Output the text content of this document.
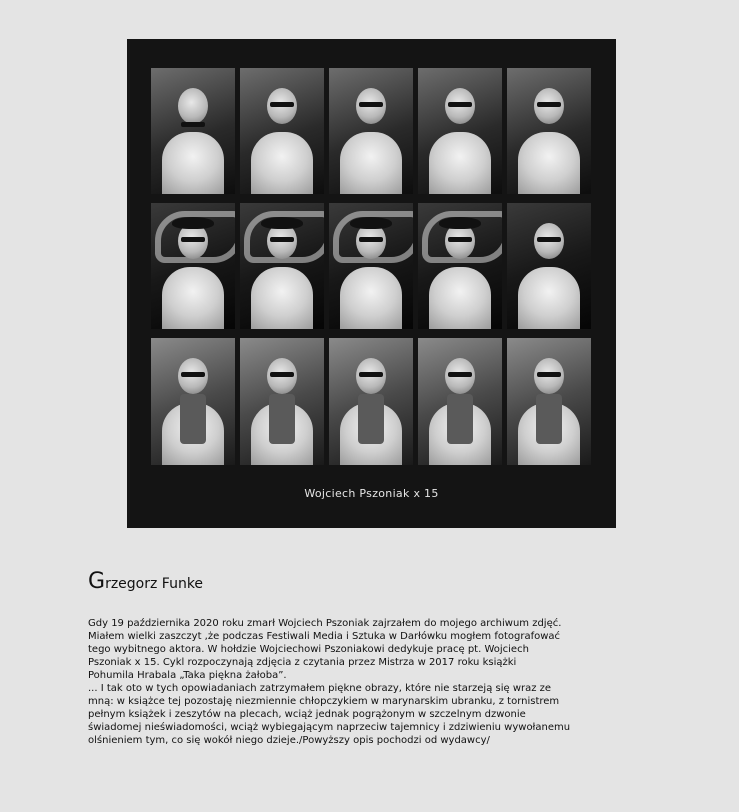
Wojciech Pszoniak x 15
Grzegorz Funke

Gdy 19 października 2020 roku zmarł Wojciech Pszoniak zajrzałem do mojego archiwum zdjęć.

Miałem wielki zaszczyt ,że podczas Festiwali Media i Sztuka w Darłówku mogłem fotografować

tego wybitnego aktora. W hołdzie Wojciechowi Pszoniakowi dedykuje pracę pt. Wojciech

Pszoniak x 15. Cykl rozpoczynają zdjęcia z czytania przez Mistrza w 2017 roku książki

Pohumila Hrabala „Taka piękna żałoba”.

... I tak oto w tych opowiadaniach zatrzymałem piękne obrazy, które nie starzeją się wraz ze

mną: w książce tej pozostaję niezmiennie chłopczykiem w marynarskim ubranku, z tornistrem

pełnym książek i zeszytów na plecach, wciąż jednak pogrążonym w szczelnym dzwonie

świadomej nieświadomości, wciąż wybiegającym naprzeciw tajemnicy i zdziwieniu wywołanemu

olśnieniem tym, co się wokół niego dzieje./Powyższy opis pochodzi od wydawcy/
